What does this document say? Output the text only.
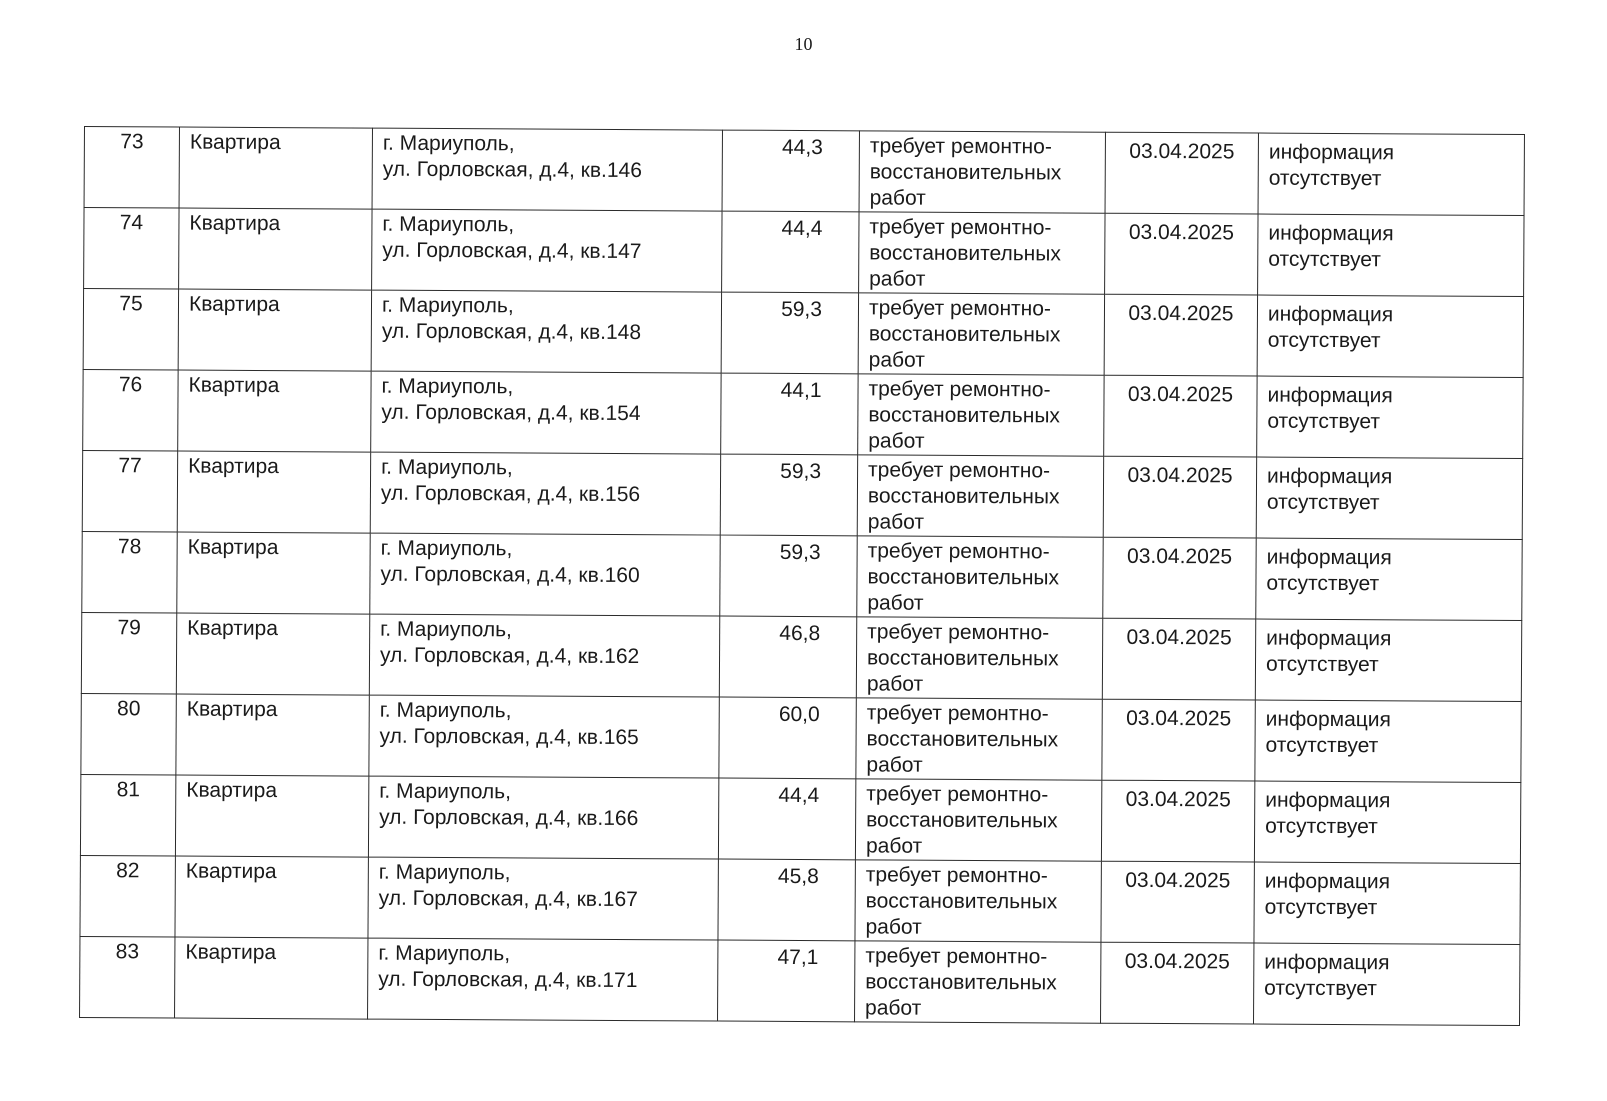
10
73	Квартира	г. Мариуполь,
ул. Горловская, д.4, кв.146	44,3	требует ремонтно-
восстановительных
работ	03.04.2025	информация
отсутствует

74	Квартира	г. Мариуполь,
ул. Горловская, д.4, кв.147	44,4	требует ремонтно-
восстановительных
работ	03.04.2025	информация
отсутствует

75	Квартира	г. Мариуполь,
ул. Горловская, д.4, кв.148	59,3	требует ремонтно-
восстановительных
работ	03.04.2025	информация
отсутствует

76	Квартира	г. Мариуполь,
ул. Горловская, д.4, кв.154	44,1	требует ремонтно-
восстановительных
работ	03.04.2025	информация
отсутствует

77	Квартира	г. Мариуполь,
ул. Горловская, д.4, кв.156	59,3	требует ремонтно-
восстановительных
работ	03.04.2025	информация
отсутствует

78	Квартира	г. Мариуполь,
ул. Горловская, д.4, кв.160	59,3	требует ремонтно-
восстановительных
работ	03.04.2025	информация
отсутствует

79	Квартира	г. Мариуполь,
ул. Горловская, д.4, кв.162	46,8	требует ремонтно-
восстановительных
работ	03.04.2025	информация
отсутствует

80	Квартира	г. Мариуполь,
ул. Горловская, д.4, кв.165	60,0	требует ремонтно-
восстановительных
работ	03.04.2025	информация
отсутствует

81	Квартира	г. Мариуполь,
ул. Горловская, д.4, кв.166	44,4	требует ремонтно-
восстановительных
работ	03.04.2025	информация
отсутствует

82	Квартира	г. Мариуполь,
ул. Горловская, д.4, кв.167	45,8	требует ремонтно-
восстановительных
работ	03.04.2025	информация
отсутствует

83	Квартира	г. Мариуполь,
ул. Горловская, д.4, кв.171	47,1	требует ремонтно-
восстановительных
работ	03.04.2025	информация
отсутствует
